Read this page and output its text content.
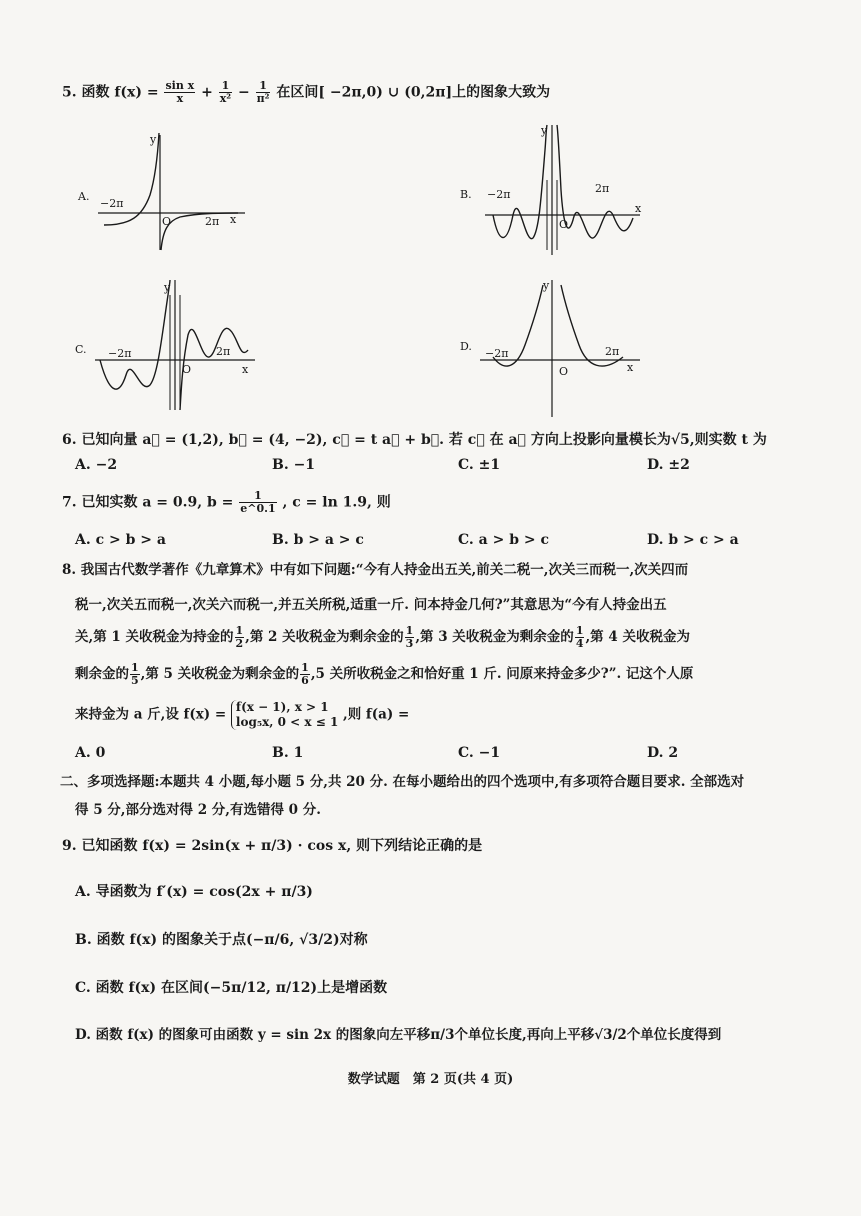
5. 函数 $f(x) = \frac{\text{sin x}}{x} + \frac{1}{\text{x²}} - \frac{1}{\text{π²}}$ 在区间[ −2π,0) ∪ (0,2π]上的图象大致为
A.
−2π
2π
O	x
y
B. −2π	2π
O
x
y
C. −2π	2π
O	x
y
D.
−2π	2π
O	x
y
6. 已知向量 a⃗ = (1,2), b⃗ = (4, −2), c⃗ = t a⃗ + b⃗. 若 c⃗ 在 a⃗ 方向上投影向量模长为√5,则实数 t 为
A. −2	B. −1	C. ±1	D. ±2
7. 已知实数 a = 0.9, $b = \frac{1}{e\^{}0.1}$ , c = ln 1.9, 则
A. c > b > a	B. b > a > c	C. a > b > c	D. b > c > a
8. 我国古代数学著作《九章算术》中有如下问题:“今有人持金出五关,前关二税一,次关三而税一,次关四而
税一,次关五而税一,次关六而税一,并五关所税,适重一斤. 问本持金几何?”其意思为“今有人持金出五
关,第 1 关收税金为持金的 $\frac{1}{2}$ ,第 2 关收税金为剩余金的 $\frac{1}{3}$ ,第 3 关收税金为剩余金的 $\frac{1}{4}$ ,第 4 关收税金为
剩余金的 $\frac{1}{5}$ ,第 5 关收税金为剩余金的 $\frac{1}{6} ,5$ 关所收税金之和恰好重 1 斤. 问原来持金多少?”. 记这个人原
来持金为 a 斤,设 f(x) = f(x − 1), x > 1
log₅x, 0 < x ≤ 1 ,则 f(a) =
A. 0	B. 1	C. −1	D. 2
二、多项选择题:本题共 4 小题,每小题 5 分,共 20 分. 在每小题给出的四个选项中,有多项符合题目要求. 全部选对
得 5 分,部分选对得 2 分,有选错得 0 分.
9. 已知函数 f(x) = 2sin(x + π/3) · cos x, 则下列结论正确的是
A. 导函数为 f′(x) = cos(2x + π/3)
B. 函数 f(x) 的图象关于点(−π/6, √3/2)对称
C. 函数 f(x) 在区间(−5π/12, π/12)上是增函数
D. 函数 f(x) 的图象可由函数 y = sin 2x 的图象向左平移π/3个单位长度,再向上平移√3/2个单位长度得到
数学试题　第 2 页(共 4 页)
